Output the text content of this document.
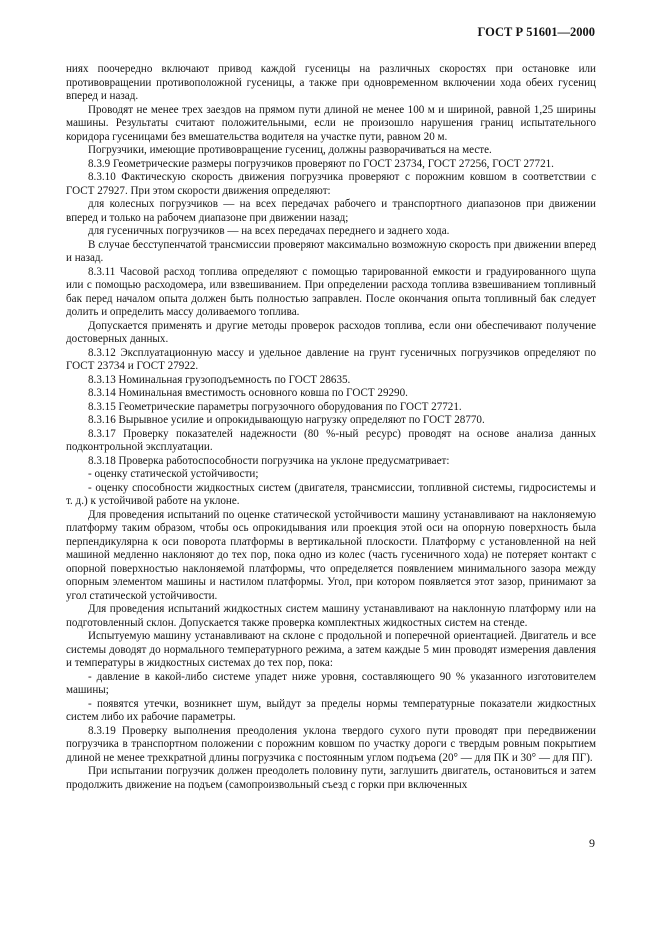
ГОСТ Р 51601—2000

ниях поочередно включают привод каждой гусеницы на различных скоростях при остановке или противовращении противоположной гусеницы, а также при одновременном включении хода обеих гусениц вперед и назад.

Проводят не менее трех заездов на прямом пути длиной не менее 100 м и шириной, равной 1,25 ширины машины. Результаты считают положительными, если не произошло нарушения границ испытательного коридора гусеницами без вмешательства водителя на участке пути, равном 20 м.

Погрузчики, имеющие противовращение гусениц, должны разворачиваться на месте.

8.3.9 Геометрические размеры погрузчиков проверяют по ГОСТ 23734, ГОСТ 27256, ГОСТ 27721.

8.3.10 Фактическую скорость движения погрузчика проверяют с порожним ковшом в соответствии с ГОСТ 27927. При этом скорости движения определяют:

для колесных погрузчиков — на всех передачах рабочего и транспортного диапазонов при движении вперед и только на рабочем диапазоне при движении назад;

для гусеничных погрузчиков — на всех передачах переднего и заднего хода.

В случае бесступенчатой трансмиссии проверяют максимально возможную скорость при движении вперед и назад.

8.3.11 Часовой расход топлива определяют с помощью тарированной емкости и градуированного щупа или с помощью расходомера, или взвешиванием. При определении расхода топлива взвешиванием топливный бак перед началом опыта должен быть полностью заправлен. После окончания опыта топливный бак следует долить и определить массу доливаемого топлива.

Допускается применять и другие методы проверок расходов топлива, если они обеспечивают получение достоверных данных.

8.3.12 Эксплуатационную массу и удельное давление на грунт гусеничных погрузчиков определяют по ГОСТ 23734 и ГОСТ 27922.

8.3.13 Номинальная грузоподъемность по ГОСТ 28635.

8.3.14 Номинальная вместимость основного ковша по ГОСТ 29290.

8.3.15 Геометрические параметры погрузочного оборудования по ГОСТ 27721.

8.3.16 Вырывное усилие и опрокидывающую нагрузку определяют по ГОСТ 28770.

8.3.17 Проверку показателей надежности (80 %-ный ресурс) проводят на основе анализа данных подконтрольной эксплуатации.

8.3.18 Проверка работоспособности погрузчика на уклоне предусматривает:

- оценку статической устойчивости;

- оценку способности жидкостных систем (двигателя, трансмиссии, топливной системы, гидросистемы и т. д.) к устойчивой работе на уклоне.

Для проведения испытаний по оценке статической устойчивости машину устанавливают на наклоняемую платформу таким образом, чтобы ось опрокидывания или проекция этой оси на опорную поверхность была перпендикулярна к оси поворота платформы в вертикальной плоскости. Платформу с установленной на ней машиной медленно наклоняют до тех пор, пока одно из колес (часть гусеничного хода) не потеряет контакт с опорной поверхностью наклоняемой платформы, что определяется появлением минимального зазора между опорным элементом машины и настилом платформы. Угол, при котором появляется этот зазор, принимают за угол статической устойчивости.

Для проведения испытаний жидкостных систем машину устанавливают на наклонную платформу или на подготовленный склон. Допускается также проверка комплектных жидкостных систем на стенде.

Испытуемую машину устанавливают на склоне с продольной и поперечной ориентацией. Двигатель и все системы доводят до нормального температурного режима, а затем каждые 5 мин проводят измерения давления и температуры в жидкостных системах до тех пор, пока:

- давление в какой-либо системе упадет ниже уровня, составляющего 90 % указанного изготовителем машины;

- появятся утечки, возникнет шум, выйдут за пределы нормы температурные показатели жидкостных систем либо их рабочие параметры.

8.3.19 Проверку выполнения преодоления уклона твердого сухого пути проводят при передвижении погрузчика в транспортном положении с порожним ковшом по участку дороги с твердым ровным покрытием длиной не менее трехкратной длины погрузчика с постоянным углом подъема (20° — для ПК и 30° — для ПГ).

При испытании погрузчик должен преодолеть половину пути, заглушить двигатель, остановиться и затем продолжить движение на подъем (самопроизвольный съезд с горки при включенных

9
